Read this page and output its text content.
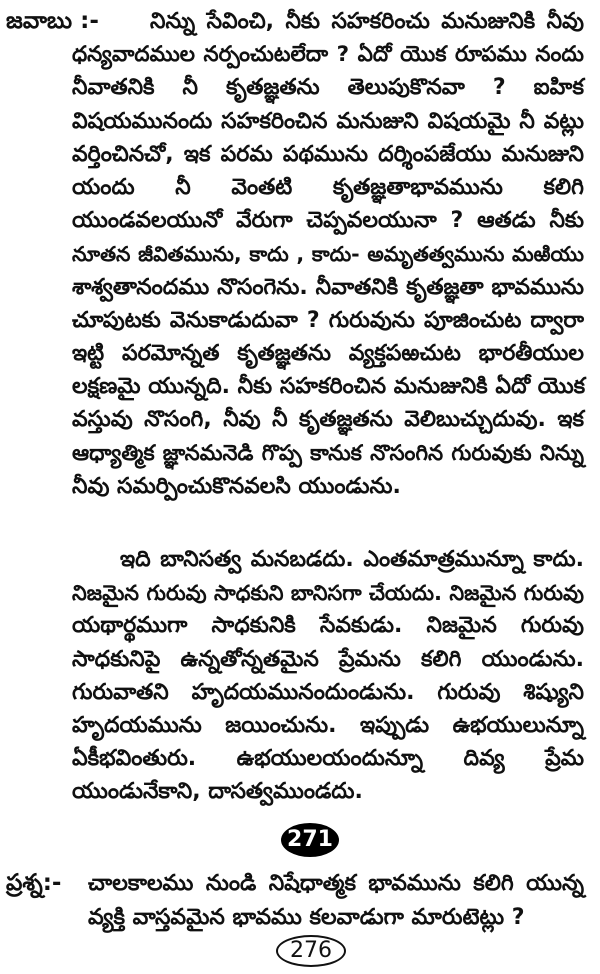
జవాబు :- నిన్ను సేవించి, నీకు సహకరించు మనుజునికి నీవు
ధన్యవాదముల నర్పంచుటలేదా ? ఏదో యొక రూపము నందు
నీవాతనికి నీ కృతజ్ఞతను తెలుపుకొనవా ? ఐహిక
విషయమునందు సహకరించిన మనుజుని విషయమై నీ వట్లు
వర్తించినచో, ఇక పరమ పథమును దర్శింపజేయు మనుజుని
యందు నీ వెంతటి కృతజ్ఞతాభావమును కలిగి
యుండవలయునో వేరుగా చెప్పవలయునా ? ఆతడు నీకు
నూతన జీవితమును, కాదు , కాదు- అమృతత్వమును మఱియు
శాశ్వతానందము నొసంగెను. నీవాతనికి కృతజ్ఞతా భావమును
చూపుటకు వెనుకాడుదువా ? గురువును పూజించుట ద్వారా
ఇట్టి పరమోన్నత కృతజ్ఞతను వ్యక్తపఱచుట భారతీయుల
లక్షణమై యున్నది. నీకు సహకరించిన మనుజునికి ఏదో యొక
వస్తువు నొసంగి, నీవు నీ కృతజ్ఞతను వెలిబుచ్చుదువు. ఇక
ఆధ్యాత్మిక జ్ఞానమనెడి గొప్ప కానుక నొసంగిన గురువుకు నిన్ను
నీవు సమర్పించుకొనవలసి యుండును.
ఇది బానిసత్వ మనబడదు. ఎంతమాత్రమున్నూ కాదు.
నిజమైన గురువు సాధకుని బానిసగా చేయదు. నిజమైన గురువు
యథార్థముగా సాధకునికి సేవకుడు. నిజమైన గురువు
సాధకునిపై ఉన్నతోన్నతమైన ప్రేమను కలిగి యుండును.
గురువాతని హృదయమునందుండును. గురువు శిష్యుని
హృదయమును జయించును. ఇప్పుడు ఉభయులున్నూ
ఏకీభవింతురు. ఉభయులయందున్నూ దివ్య ప్రేమ
యుండునేకాని, దాసత్వముండదు.
271
ప్రశ్న:- చాలకాలము నుండి నిషేధాత్మక భావమును కలిగి యున్న
వ్యక్తి వాస్తవమైన భావము కలవాడుగా మారుటెట్లు ?
276
